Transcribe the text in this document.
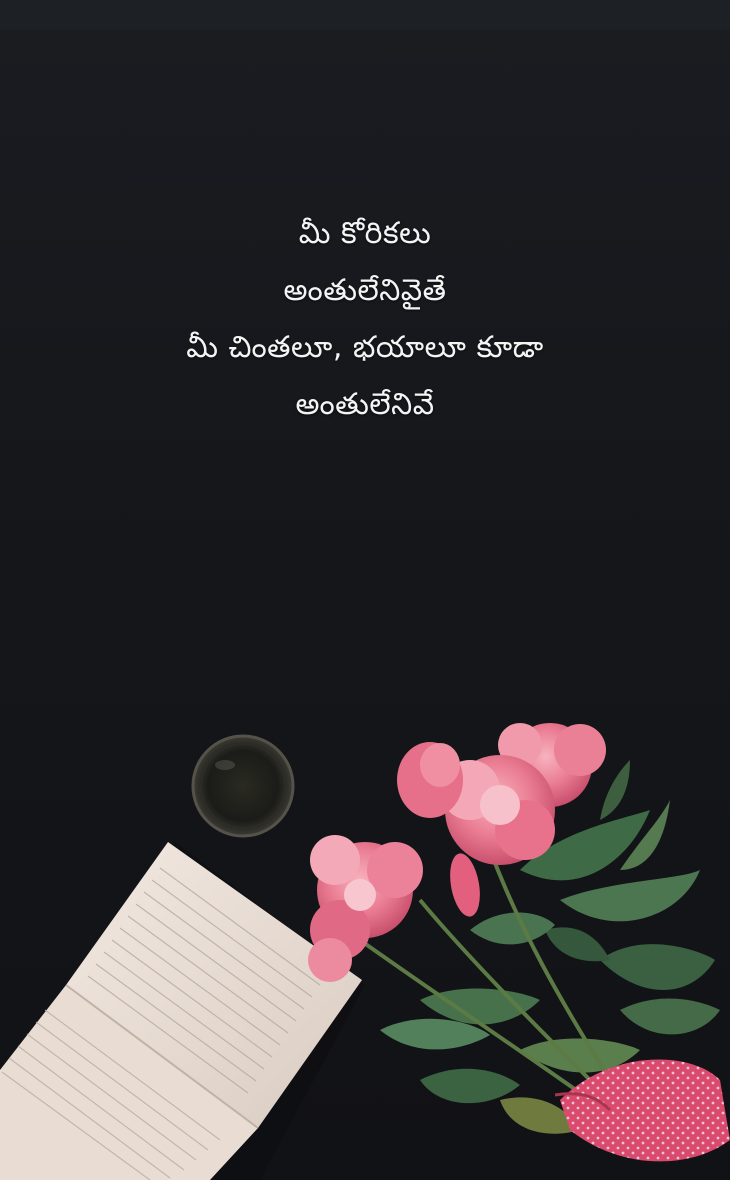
మీ కోరికలు
అంతులేనివైతే
మీ చింతలూ, భయాలూ కూడా
అంతులేనివే
